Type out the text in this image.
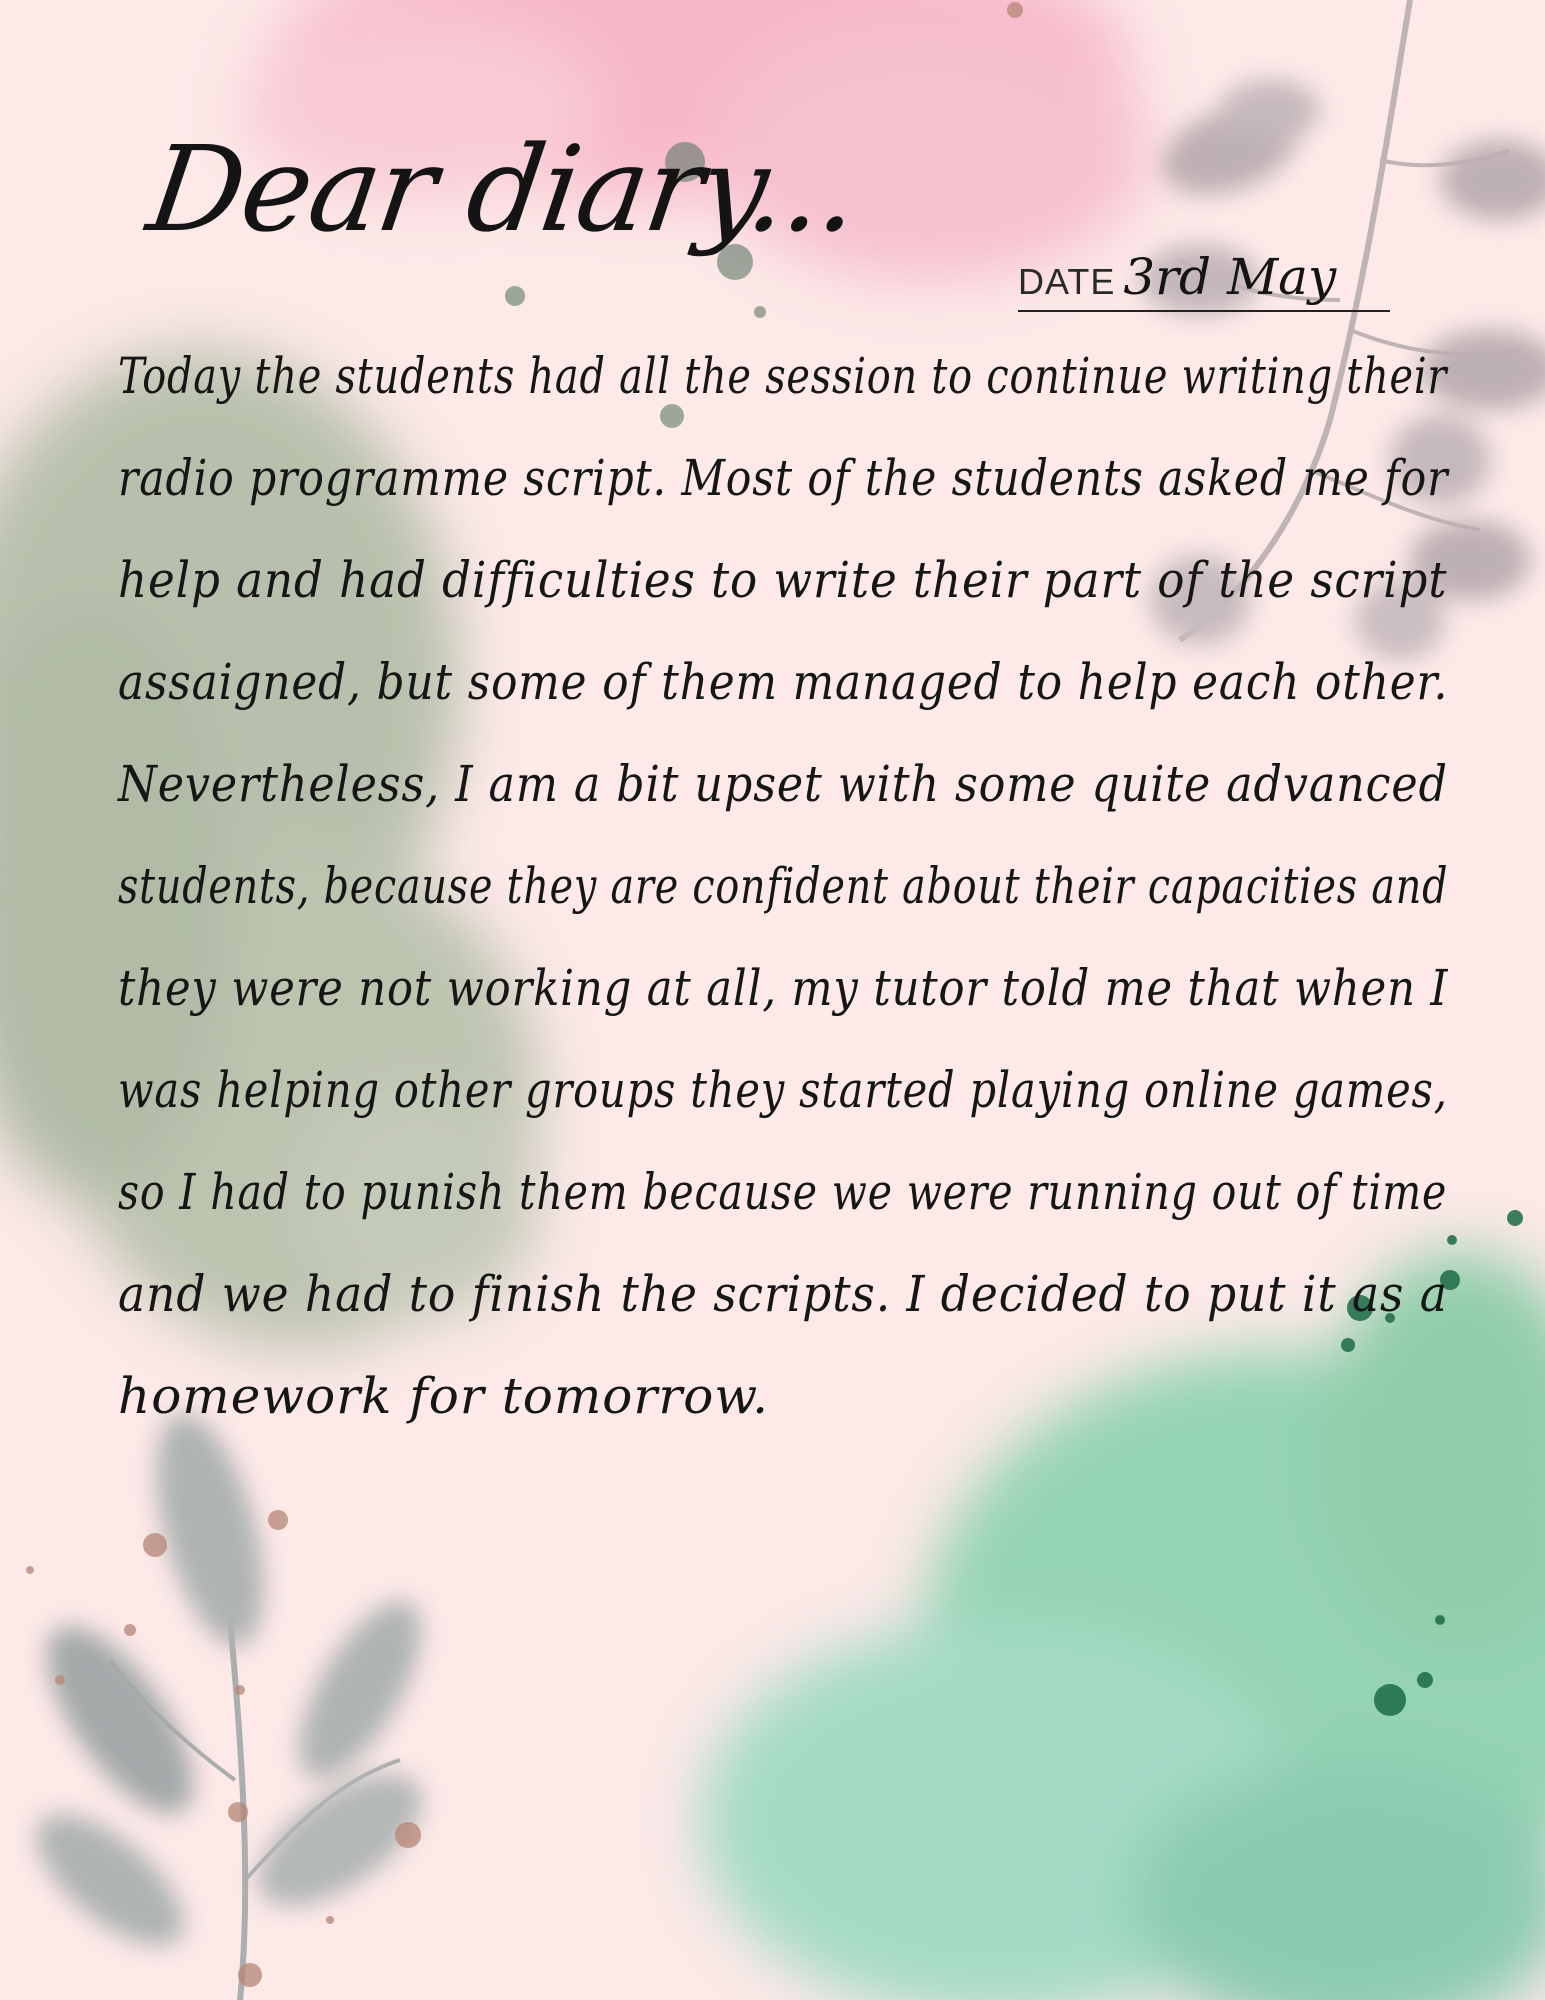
Dear diary...
DATE 3rd May
Today the students had all the session to continue writing their
radio programme script. Most of the students asked me for
help and had difficulties to write their part of the script
assaigned, but some of them managed to help each other.
Nevertheless, I am a bit upset with some quite advanced
students, because they are confident about their capacities and
they were not working at all, my tutor told me that when I
was helping other groups they started playing online games,
so I had to punish them because we were running out of time
and we had to finish the scripts. I decided to put it as a
homework for tomorrow.
